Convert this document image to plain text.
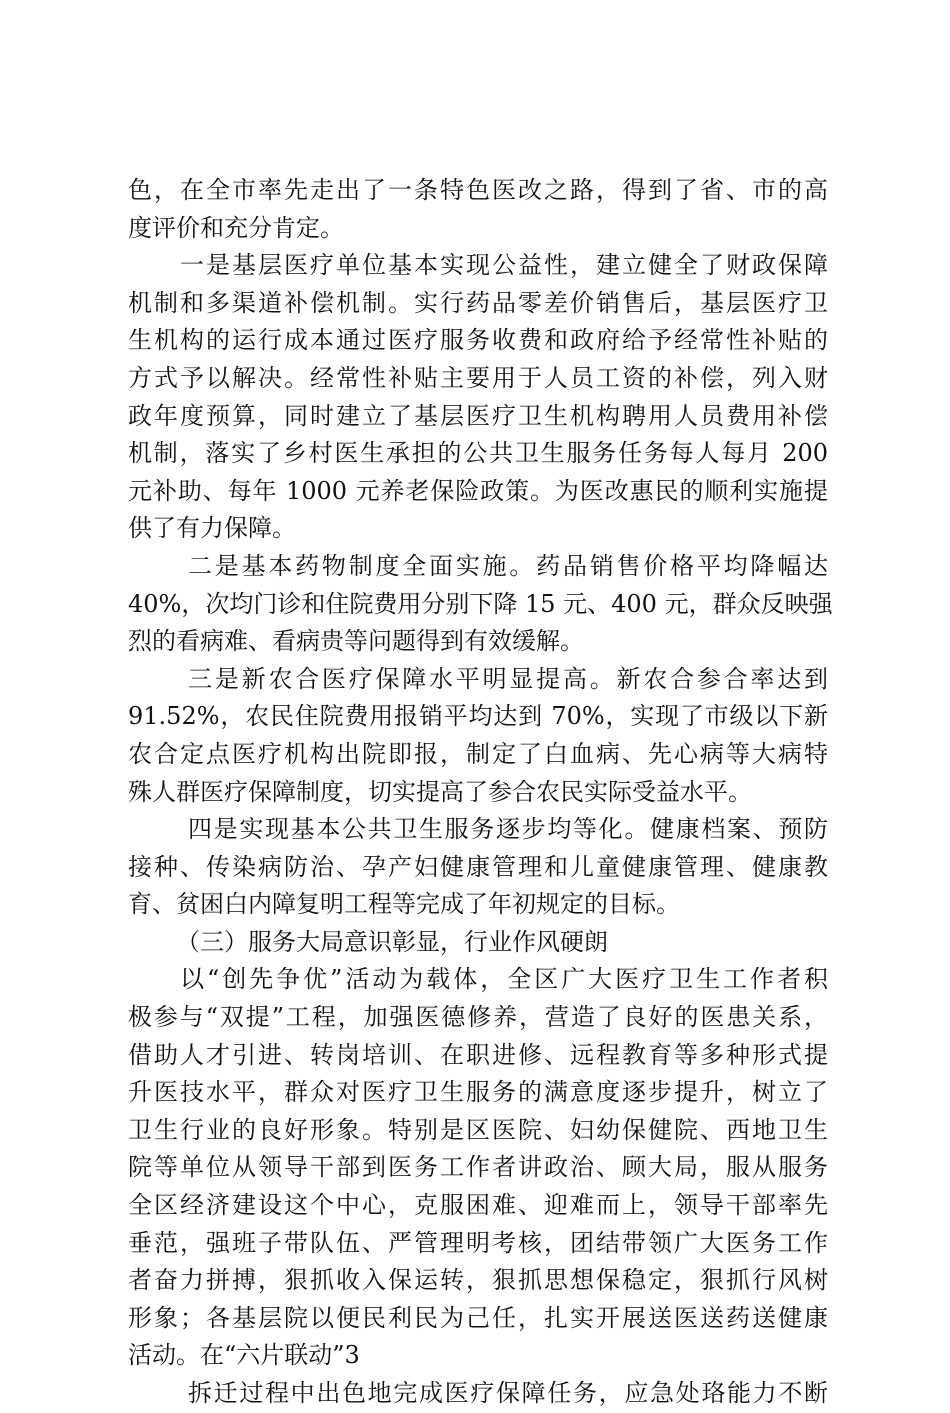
色，在全市率先走出了一条特色医改之路，得到了省、市的高
度评价和充分肯定。
一是基层医疗单位基本实现公益性，建立健全了财政保障
机制和多渠道补偿机制。实行药品零差价销售后，基层医疗卫
生机构的运行成本通过医疗服务收费和政府给予经常性补贴的
方式予以解决。经常性补贴主要用于人员工资的补偿，列入财
政年度预算，同时建立了基层医疗卫生机构聘用人员费用补偿
机制，落实了乡村医生承担的公共卫生服务任务每人每月 200
元补助、每年 1000 元养老保险政策。为医改惠民的顺利实施提
供了有力保障。
二是基本药物制度全面实施。药品销售价格平均降幅达
40%，次均门诊和住院费用分别下降 15 元、400 元，群众反映强
烈的看病难、看病贵等问题得到有效缓解。
三是新农合医疗保障水平明显提高。新农合参合率达到
91.52%，农民住院费用报销平均达到 70%，实现了市级以下新
农合定点医疗机构出院即报，制定了白血病、先心病等大病特
殊人群医疗保障制度，切实提高了参合农民实际受益水平。
四是实现基本公共卫生服务逐步均等化。健康档案、预防
接种、传染病防治、孕产妇健康管理和儿童健康管理、健康教
育、贫困白内障复明工程等完成了年初规定的目标。
（三）服务大局意识彰显，行业作风硬朗
以“创先争优”活动为载体，全区广大医疗卫生工作者积
极参与“双提”工程，加强医德修养，营造了良好的医患关系，
借助人才引进、转岗培训、在职进修、远程教育等多种形式提
升医技水平，群众对医疗卫生服务的满意度逐步提升，树立了
卫生行业的良好形象。特别是区医院、妇幼保健院、西地卫生
院等单位从领导干部到医务工作者讲政治、顾大局，服从服务
全区经济建设这个中心，克服困难、迎难而上，领导干部率先
垂范，强班子带队伍、严管理明考核，团结带领广大医务工作
者奋力拼搏，狠抓收入保运转，狠抓思想保稳定，狠抓行风树
形象；各基层院以便民利民为己任，扎实开展送医送药送健康
活动。在“六片联动”3
拆迁过程中出色地完成医疗保障任务，应急处珞能力不断
